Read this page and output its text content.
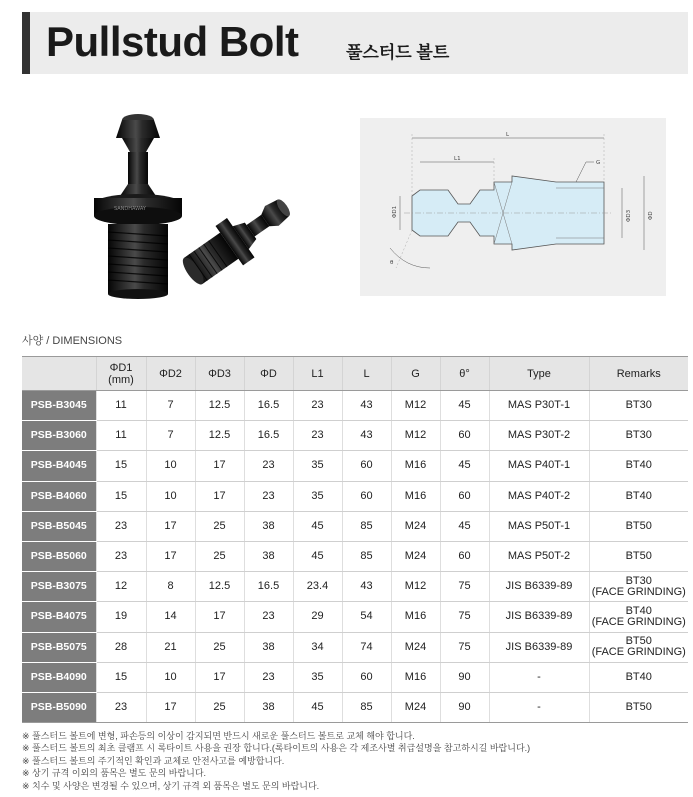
Pullstud Bolt	풀스터드 볼트
SANDHAWAY
L
L1
G
ΦD1	ΦD3	ΦD
θ
사양 / DIMENSIONS
	ΦD1
(mm)	ΦD2	ΦD3	ΦD	L1	L	G	θ°	Type	Remarks
PSB-B3045	11	7	12.5	16.5	23	43	M12	45	MAS P30T-1	BT30
PSB-B3060	11	7	12.5	16.5	23	43	M12	60	MAS P30T-2	BT30
PSB-B4045	15	10	17	23	35	60	M16	45	MAS P40T-1	BT40
PSB-B4060	15	10	17	23	35	60	M16	60	MAS P40T-2	BT40
PSB-B5045	23	17	25	38	45	85	M24	45	MAS P50T-1	BT50
PSB-B5060	23	17	25	38	45	85	M24	60	MAS P50T-2	BT50
PSB-B3075	12	8	12.5	16.5	23.4	43	M12	75	JIS B6339-89	BT30
(FACE GRINDING)
PSB-B4075	19	14	17	23	29	54	M16	75	JIS B6339-89	BT40
(FACE GRINDING)
PSB-B5075	28	21	25	38	34	74	M24	75	JIS B6339-89	BT50
(FACE GRINDING)
PSB-B4090	15	10	17	23	35	60	M16	90	-	BT40
PSB-B5090	23	17	25	38	45	85	M24	90	-	BT50
※ 풀스터드 볼트에 변형, 파손등의 이상이 감지되면 반드시 새로운 풀스터드 볼트로 교체 해야 합니다.
※ 풀스터드 볼트의 최초 클램프 시 록타이트 사용을 권장 합니다.(록타이트의 사용은 각 제조사별 취급설명을 참고하시길 바랍니다.)
※ 풀스터드 볼트의 주기적인 확인과 교체로 안전사고를 예방합니다.
※ 상기 규격 이외의 품목은 별도 문의 바랍니다.
※ 치수 및 사양은 변경될 수 있으며, 상기 규격 외 품목은 별도 문의 바랍니다.
